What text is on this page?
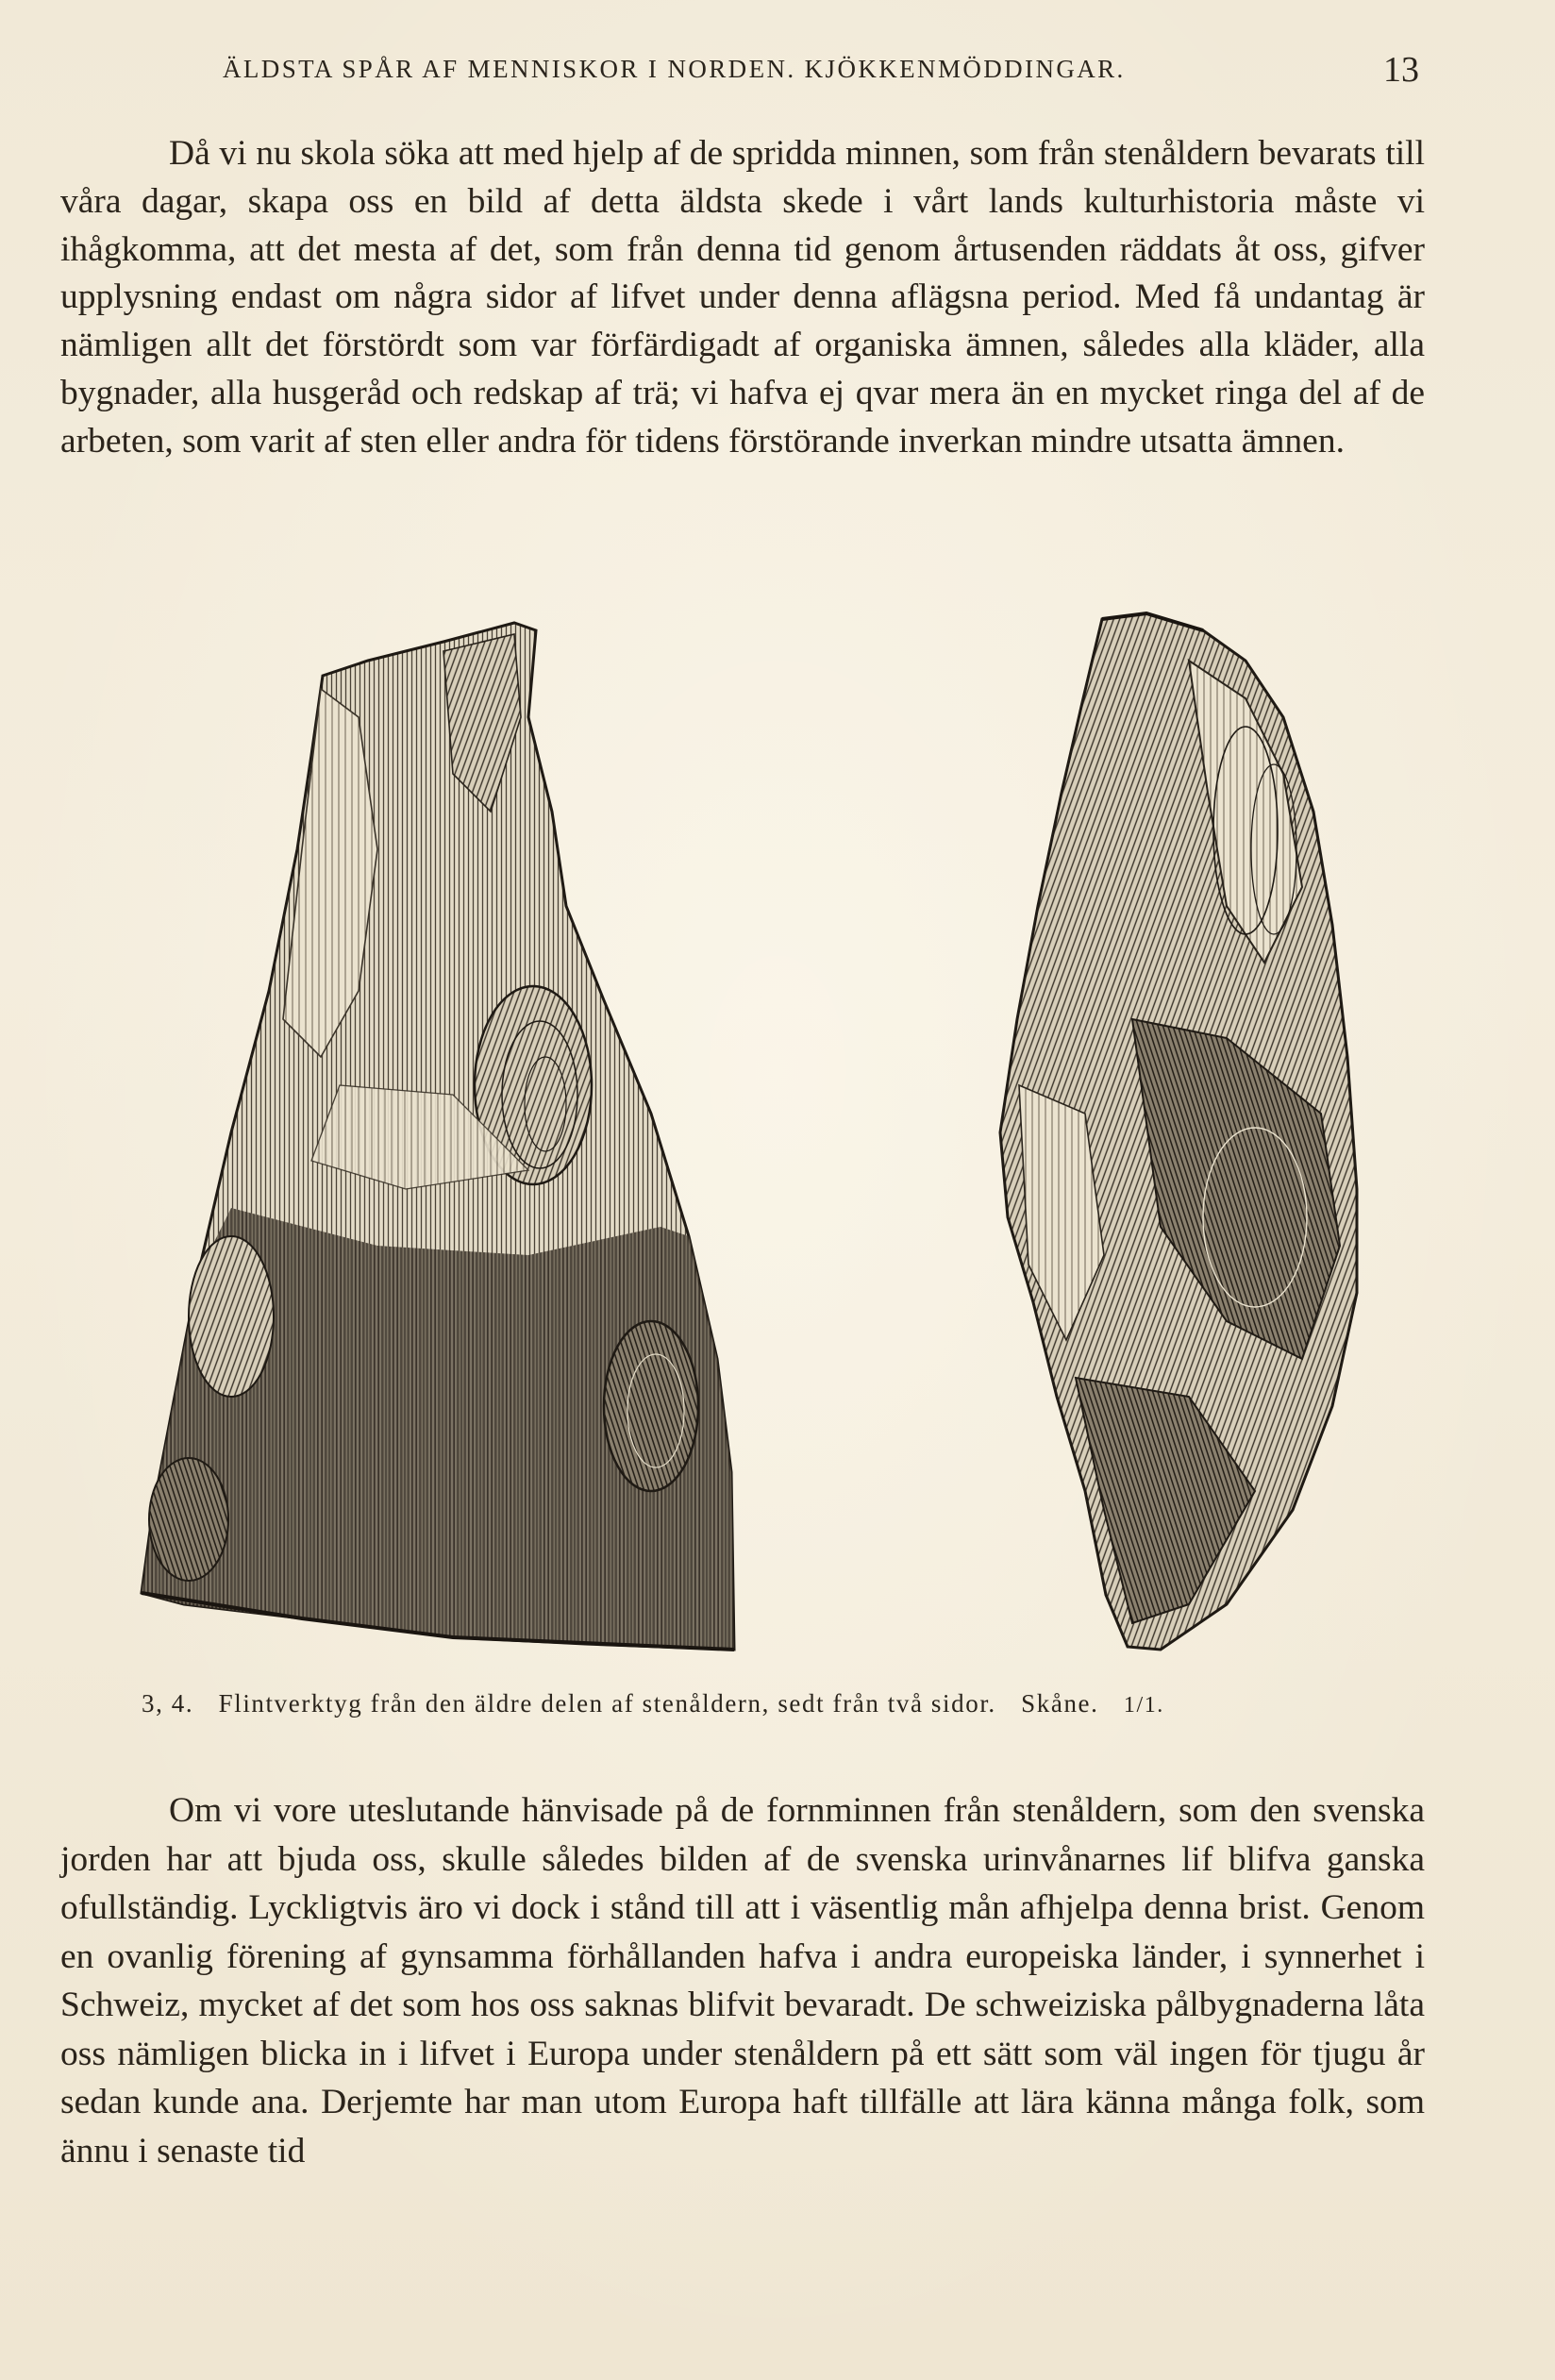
ÄLDSTA SPÅR AF MENNISKOR I NORDEN. KJÖKKENMÖDDINGAR.	13

Då vi nu skola söka att med hjelp af de spridda minnen, som från stenåldern bevarats till våra dagar, skapa oss en bild af detta äldsta skede i vårt lands kulturhistoria måste vi ihågkomma, att det mesta af det, som från denna tid genom årtusenden räddats åt oss, gifver upplysning endast om några sidor af lifvet under denna aflägsna period. Med få undantag är nämligen allt det förstördt som var förfärdigadt af organiska ämnen, således alla kläder, alla bygnader, alla husgeråd och redskap af trä; vi hafva ej qvar mera än en mycket ringa del af de arbeten, som varit af sten eller andra för tidens förstörande inverkan mindre utsatta ämnen.

3, 4. Flintverktyg från den äldre delen af stenåldern, sedt från två sidor. Skåne. 1/1.

Om vi vore uteslutande hänvisade på de fornminnen från stenåldern, som den svenska jorden har att bjuda oss, skulle således bilden af de svenska urinvånarnes lif blifva ganska ofullständig. Lyckligtvis äro vi dock i stånd till att i väsentlig mån afhjelpa denna brist. Genom en ovanlig förening af gynsamma förhållanden hafva i andra europeiska länder, i synnerhet i Schweiz, mycket af det som hos oss saknas blifvit bevaradt. De schweiziska pålbygnaderna låta oss nämligen blicka in i lifvet i Europa under stenåldern på ett sätt som väl ingen för tjugu år sedan kunde ana. Derjemte har man utom Europa haft tillfälle att lära känna många folk, som ännu i senaste tid
